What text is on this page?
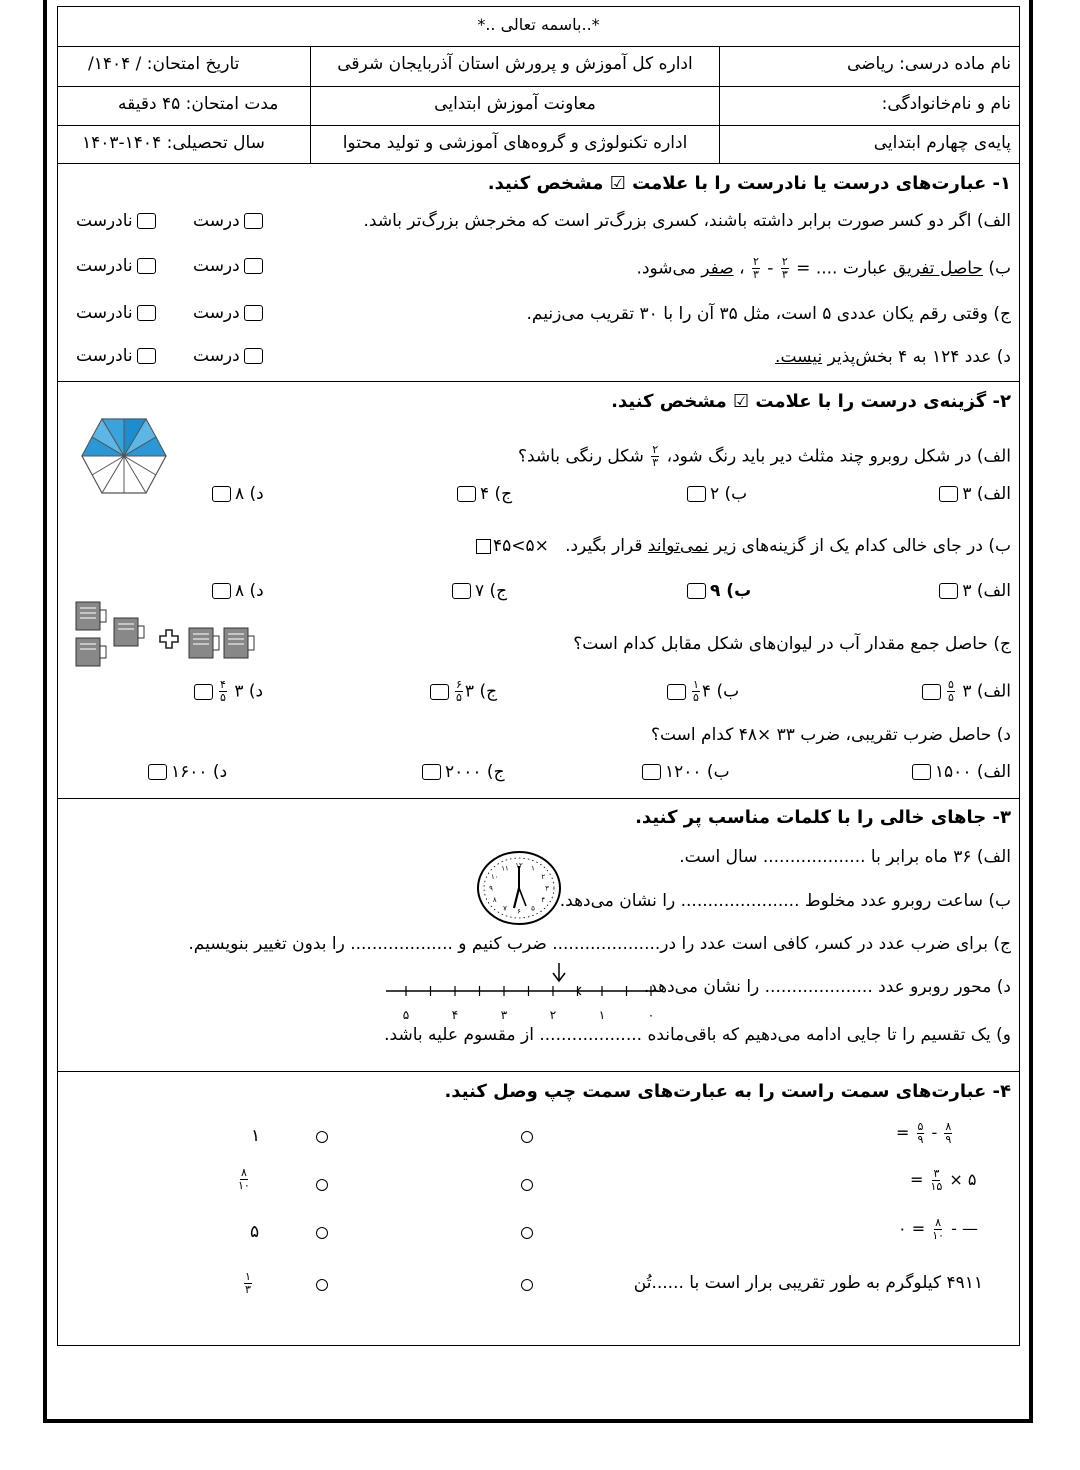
*.. باسمه تعالی..*
نام ماده درسی: ریاضی
اداره کل آموزش و پرورش استان آذربایجان شرقی
تاریخ امتحان: / ۱۴۰۴/
نام و نام‌خانوادگی:
معاونت آموزش ابتدایی
مدت امتحان: ۴۵ دقیقه
پایه‌ی چهارم ابتدایی
اداره تکنولوژی و گروه‌های آموزشی و تولید محتوا
سال تحصیلی: ۱۴۰۴-۱۴۰۳
۱- عبارت‌های درست یا نادرست را با علامت ☑ مشخص کنید.
الف) اگر دو کسر صورت برابر داشته باشند، کسری بزرگ‌تر است که مخرجش بزرگ‌تر باشد.
ب) حاصل تفریق عبارت .... =
$\frac{۲}{۳}$
-
$\frac{۲}{۳}$
، صفر می‌شود.
ج) وقتی رقم یکان عددی ۵ است، مثل ۳۵ آن را با ۳۰ تقریب می‌زنیم.
د) عدد ۱۲۴ به ۴ بخش‌پذیر نیست.
درست
نادرست
درست
نادرست
درست
نادرست
درست
نادرست
۲- گزینه‌ی درست را با علامت ☑ مشخص کنید.
الف) در شکل روبرو چند مثلث دیر باید رنگ شود،
$\frac{۲}{۳}$
شکل رنگی باشد؟
الف) ۳
ب) ۲
ج) ۴
د) ۸
ب) در جای خالی کدام یک از گزینه‌های زیر نمی‌تواند قرار بگیرد.   ۴۵<۵×
الف) ۳
ب) ۹
ج) ۷
د) ۸
ج) حاصل جمع مقدار آب در لیوان‌های شکل مقابل کدام است؟
الف) ۳
$\frac{۵}{۵}$
ب) ۴
$\frac{۱}{۵}$
ج) ۳
$\frac{۶}{۵}$
د) ۳
$\frac{۴}{۵}$
د) حاصل ضرب تقریبی، ضرب ۳۳ ×۴۸ کدام است؟
الف) ۱۵۰۰
ب) ۱۲۰۰
ج) ۲۰۰۰
د) ۱۶۰۰
۳- جاهای خالی را با کلمات مناسب پر کنید.
الف) ۳۶ ماه برابر با ................... سال است.
۱۲ ۱
۲
۳
۴
۵
۶
۷
۸
۹
۱۰
۱۱
ب) ساعت روبرو عدد مخلوط ...................... را نشان می‌دهد.
ج) برای ضرب عدد در کسر، کافی است عدد را در.................... ضرب کنیم و ................... را بدون تغییر بنویسیم.
د) محور روبرو عدد .................... را نشان می‌دهد.
۰
۱
۲
۳
۴
۵
و) یک تقسیم را تا جایی ادامه می‌دهیم که باقی‌مانده ................... از مقسوم علیه باشد.
۴- عبارت‌های سمت راست را به عبارت‌های سمت چپ وصل کنید.
= $\frac{۵}{۹} - \frac{۸}{۹}$
= $\frac{۳}{۱۵}$ ۵ ×
۰ = $\frac{۸}{۱۰}$ — -
۴۹۱۱ کیلوگرم به طور تقریبی برار است با ......تُن
۱
$\frac{۸}{۱۰}$
۵
$\frac{۱}{۳}$
